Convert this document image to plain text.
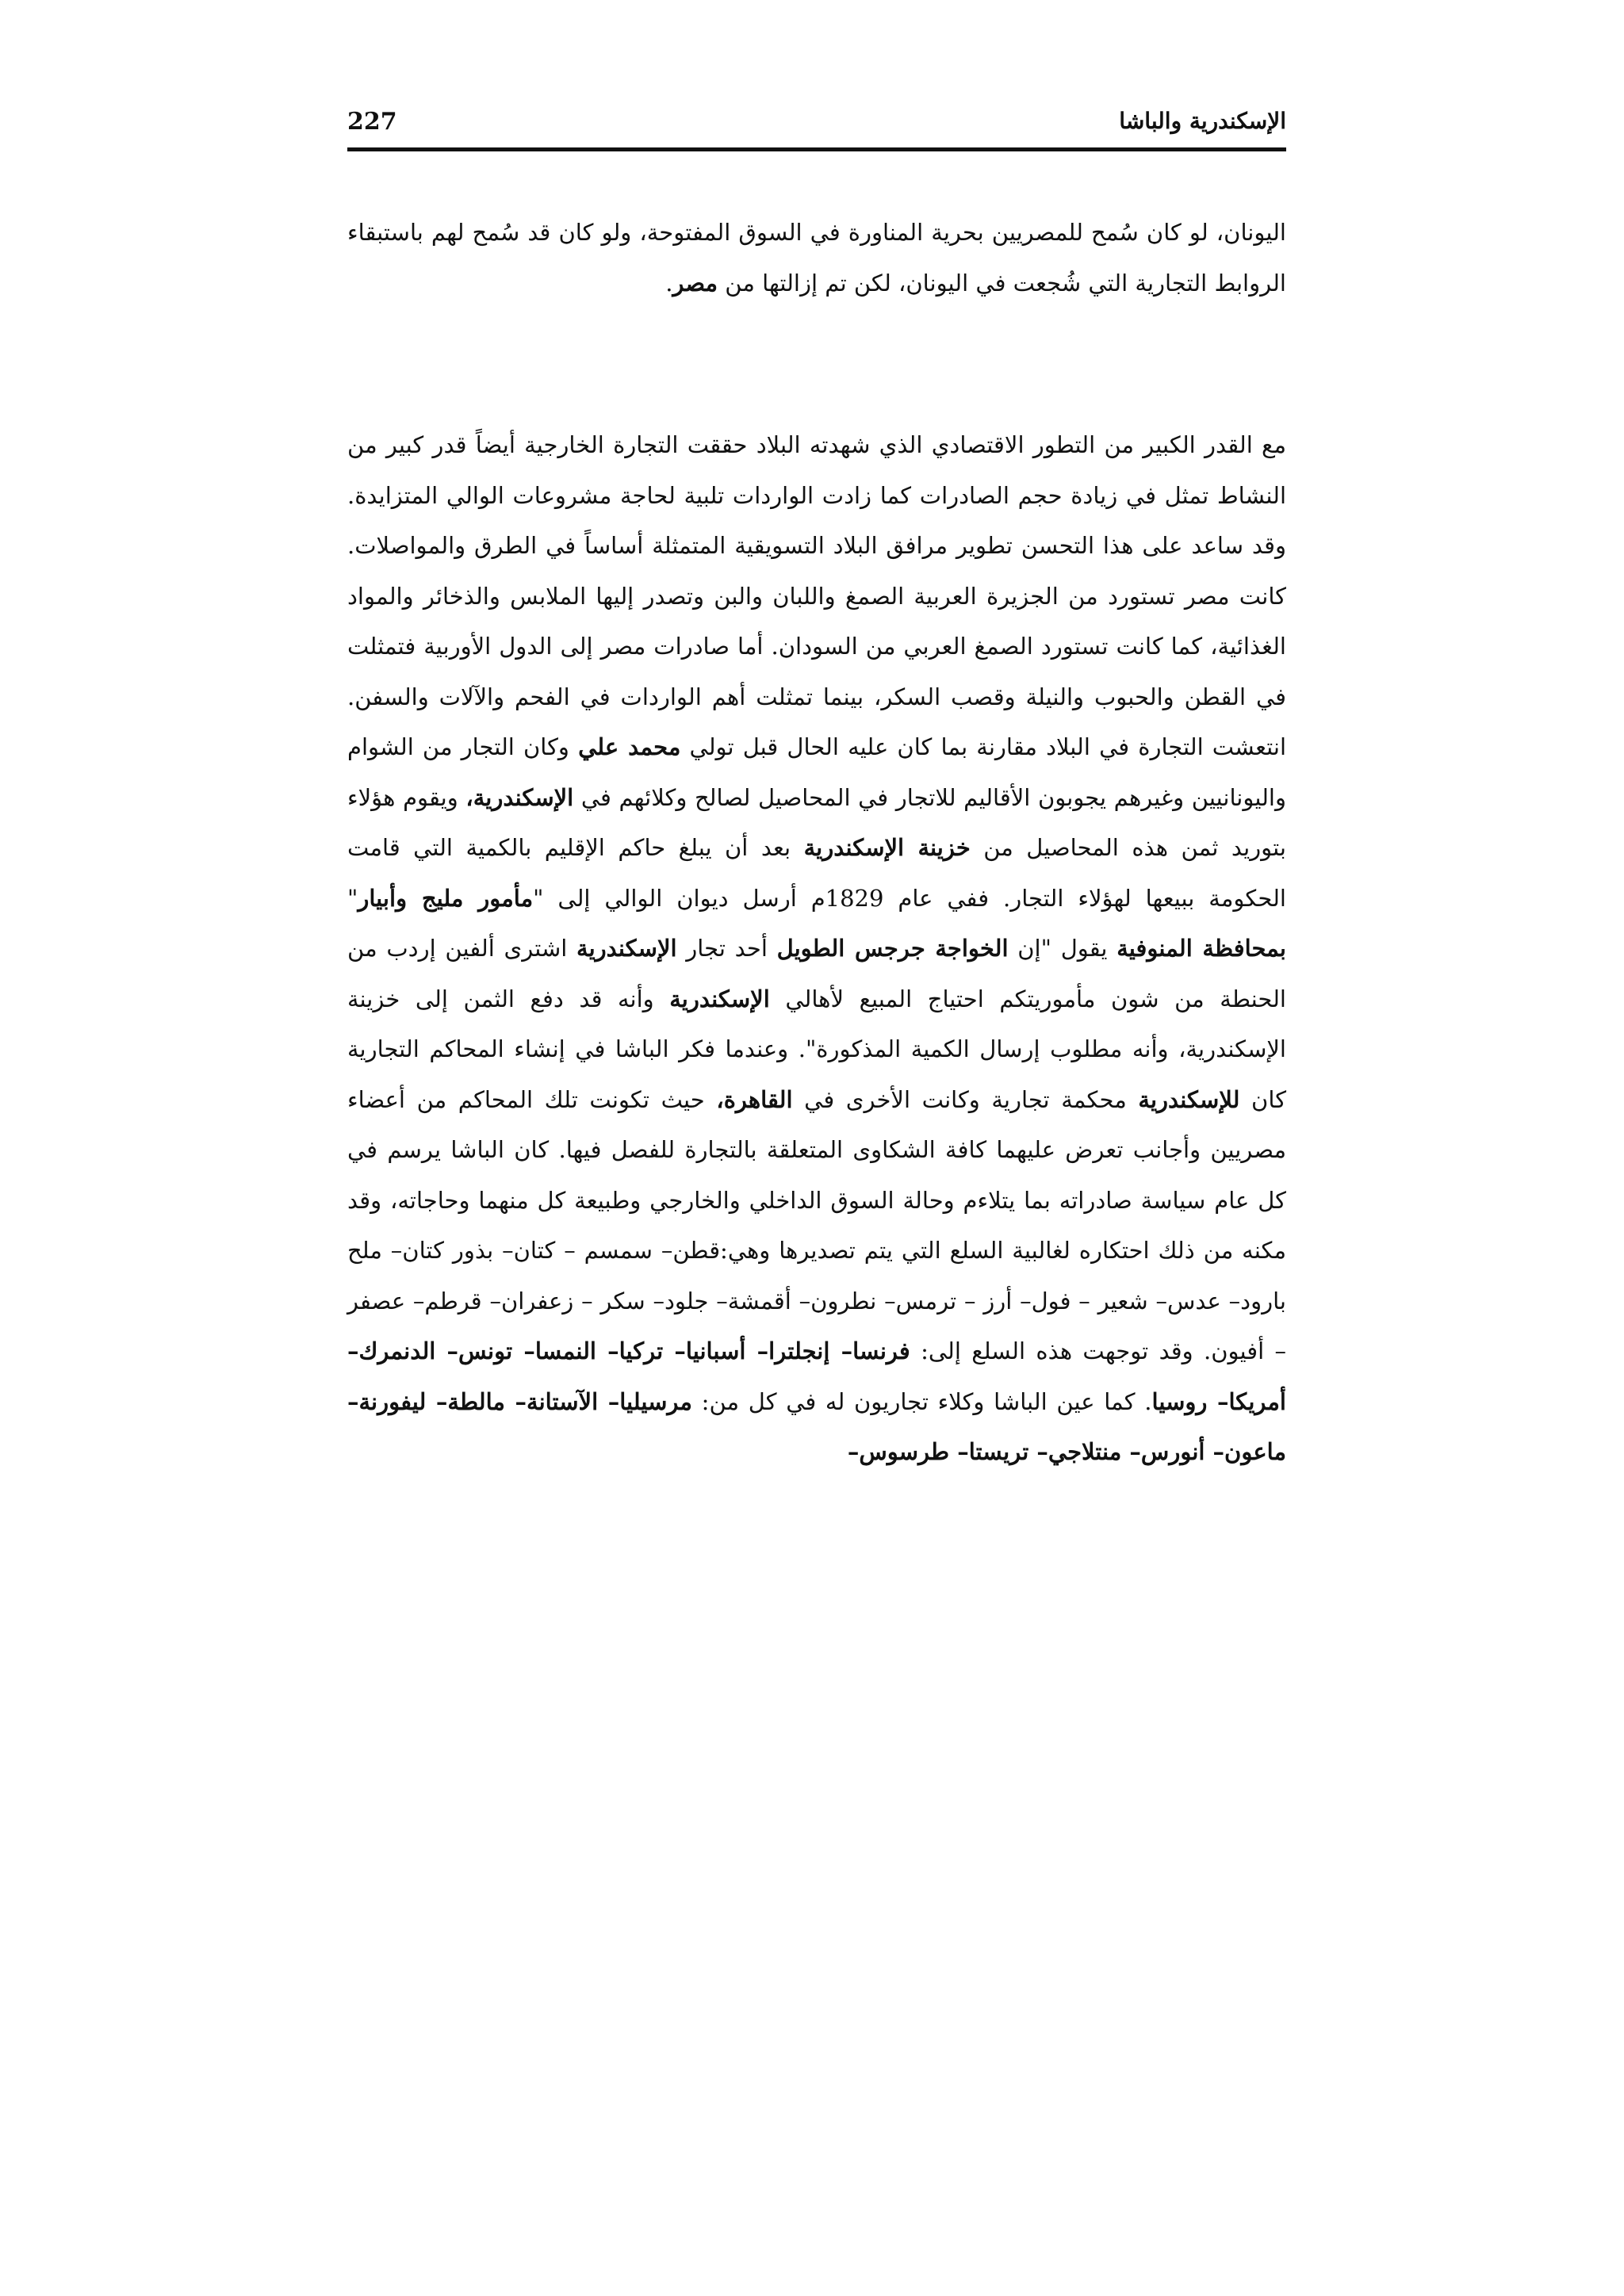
227	الإسكندرية والباشا

اليونان، لو كان سُمح للمصريين بحرية المناورة في السوق المفتوحة، ولو كان قد سُمح لهم باستبقاء الروابط التجارية التي شُجعت في اليونان، لكن تم إزالتها من مصر.

مع القدر الكبير من التطور الاقتصادي الذي شهدته البلاد حققت التجارة الخارجية أيضاً قدر كبير من النشاط تمثل في زيادة حجم الصادرات كما زادت الواردات تلبية لحاجة مشروعات الوالي المتزايدة. وقد ساعد على هذا التحسن تطوير مرافق البلاد التسويقية المتمثلة أساساً في الطرق والمواصلات. كانت مصر تستورد من الجزيرة العربية الصمغ واللبان والبن وتصدر إليها الملابس والذخائر والمواد الغذائية، كما كانت تستورد الصمغ العربي من السودان. أما صادرات مصر إلى الدول الأوربية فتمثلت في القطن والحبوب والنيلة وقصب السكر، بينما تمثلت أهم الواردات في الفحم والآلات والسفن. انتعشت التجارة في البلاد مقارنة بما كان عليه الحال قبل تولي محمد علي وكان التجار من الشوام واليونانيين وغيرهم يجوبون الأقاليم للاتجار في المحاصيل لصالح وكلائهم في الإسكندرية، ويقوم هؤلاء بتوريد ثمن هذه المحاصيل من خزينة الإسكندرية بعد أن يبلغ حاكم الإقليم بالكمية التي قامت الحكومة ببيعها لهؤلاء التجار. ففي عام 1829م أرسل ديوان الوالي إلى "مأمور مليج وأبيار" بمحافظة المنوفية يقول "إن الخواجة جرجس الطويل أحد تجار الإسكندرية اشترى ألفين إردب من الحنطة من شون مأموريتكم احتياج المبيع لأهالي الإسكندرية وأنه قد دفع الثمن إلى خزينة الإسكندرية، وأنه مطلوب إرسال الكمية المذكورة". وعندما فكر الباشا في إنشاء المحاكم التجارية كان للإسكندرية محكمة تجارية وكانت الأخرى في القاهرة، حيث تكونت تلك المحاكم من أعضاء مصريين وأجانب تعرض عليهما كافة الشكاوى المتعلقة بالتجارة للفصل فيها. كان الباشا يرسم في كل عام سياسة صادراته بما يتلاءم وحالة السوق الداخلي والخارجي وطبيعة كل منهما وحاجاته، وقد مكنه من ذلك احتكاره لغالبية السلع التي يتم تصديرها وهي:قطن– سمسم – كتان– بذور كتان– ملح بارود– عدس– شعير – فول– أرز – ترمس– نطرون– أقمشة– جلود– سكر – زعفران– قرطم– عصفر – أفيون. وقد توجهت هذه السلع إلى: فرنسا– إنجلترا– أسبانيا– تركيا– النمسا– تونس– الدنمرك– أمريكا– روسيا. كما عين الباشا وكلاء تجاريون له في كل من: مرسيليا– الآستانة– مالطة– ليفورنة– ماعون– أنورس– منتلاجي– تريستا– طرسوس–
